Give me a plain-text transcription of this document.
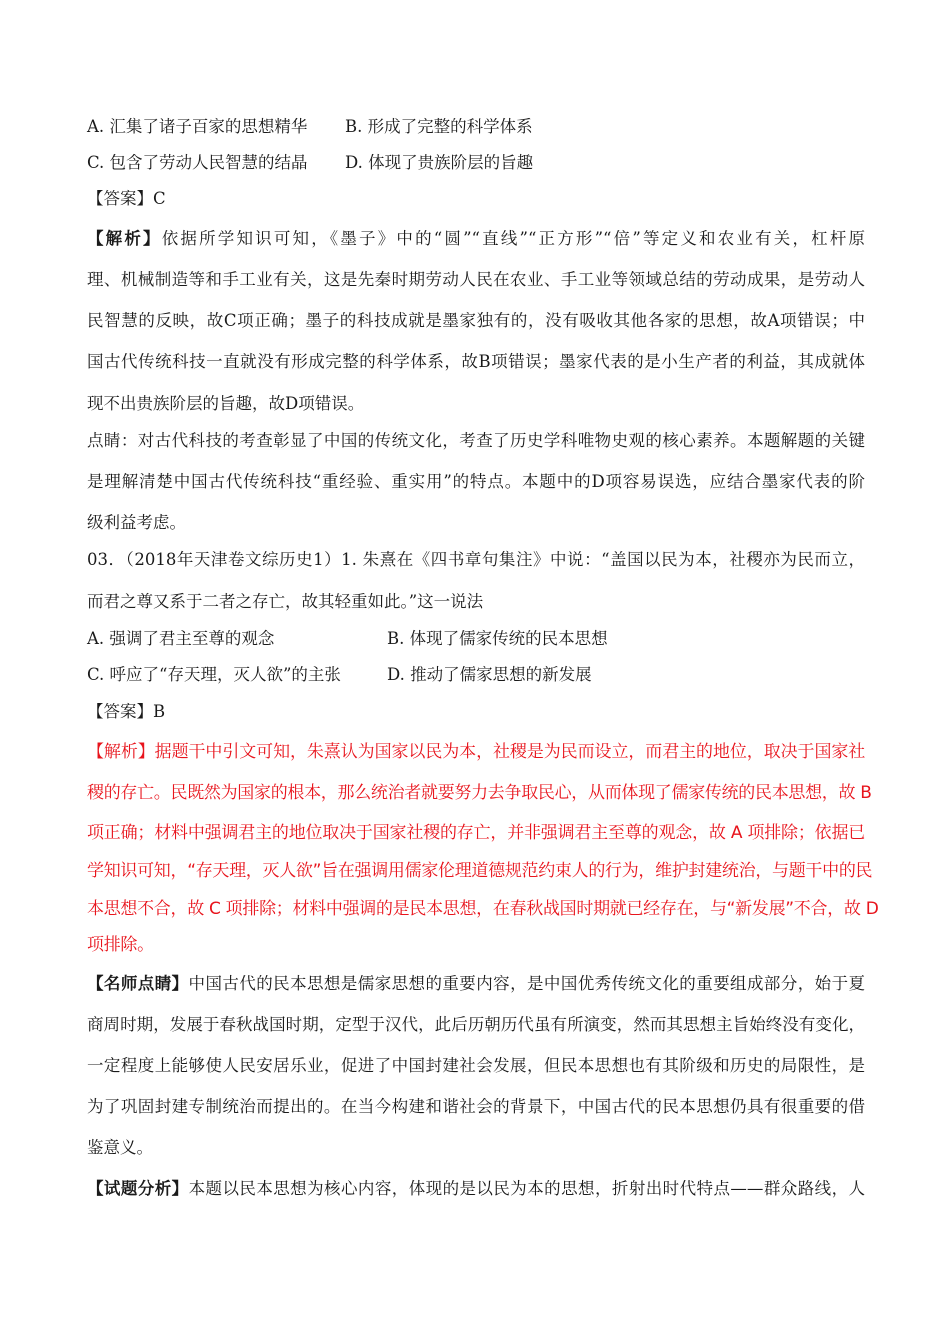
A. 汇集了诸子百家的思想精华 B. 形成了完整的科学体系
C. 包含了劳动人民智慧的结晶 D. 体现了贵族阶层的旨趣
【答案】C
【解析】依据所学知识可知，《墨子》中的“圆”“直线”“正方形”“倍”等定义和农业有关，杠杆原
理、机械制造等和手工业有关，这是先秦时期劳动人民在农业、手工业等领域总结的劳动成果，是劳动人
民智慧的反映，故C项正确；墨子的科技成就是墨家独有的，没有吸收其他各家的思想，故A项错误；中
国古代传统科技一直就没有形成完整的科学体系，故B项错误；墨家代表的是小生产者的利益，其成就体
现不出贵族阶层的旨趣，故D项错误。
点睛：对古代科技的考查彰显了中国的传统文化，考查了历史学科唯物史观的核心素养。本题解题的关键
是理解清楚中国古代传统科技“重经验、重实用”的特点。本题中的D项容易误选，应结合墨家代表的阶
级利益考虑。
03．（2018年天津卷文综历史1）1. 朱熹在《四书章句集注》中说：“盖国以民为本，社稷亦为民而立，
而君之尊又系于二者之存亡，故其轻重如此。”这一说法
A. 强调了君主至尊的观念	B. 体现了儒家传统的民本思想
C. 呼应了“存天理，灭人欲”的主张	D. 推动了儒家思想的新发展
【答案】B
【解析】据题干中引文可知，朱熹认为国家以民为本，社稷是为民而设立，而君主的地位，取决于国家社
稷的存亡。民既然为国家的根本，那么统治者就要努力去争取民心，从而体现了儒家传统的民本思想，故 B
项正确；材料中强调君主的地位取决于国家社稷的存亡，并非强调君主至尊的观念，故 A 项排除；依据已
学知识可知，“存天理，灭人欲”旨在强调用儒家伦理道德规范约束人的行为，维护封建统治，与题干中的民
本思想不合，故 C 项排除；材料中强调的是民本思想，在春秋战国时期就已经存在，与“新发展”不合，故 D
项排除。
【名师点睛】中国古代的民本思想是儒家思想的重要内容，是中国优秀传统文化的重要组成部分，始于夏
商周时期，发展于春秋战国时期，定型于汉代，此后历朝历代虽有所演变，然而其思想主旨始终没有变化，
一定程度上能够使人民安居乐业，促进了中国封建社会发展，但民本思想也有其阶级和历史的局限性，是
为了巩固封建专制统治而提出的。在当今构建和谐社会的背景下，中国古代的民本思想仍具有很重要的借
鉴意义。
【试题分析】本题以民本思想为核心内容，体现的是以民为本的思想，折射出时代特点——群众路线，人
